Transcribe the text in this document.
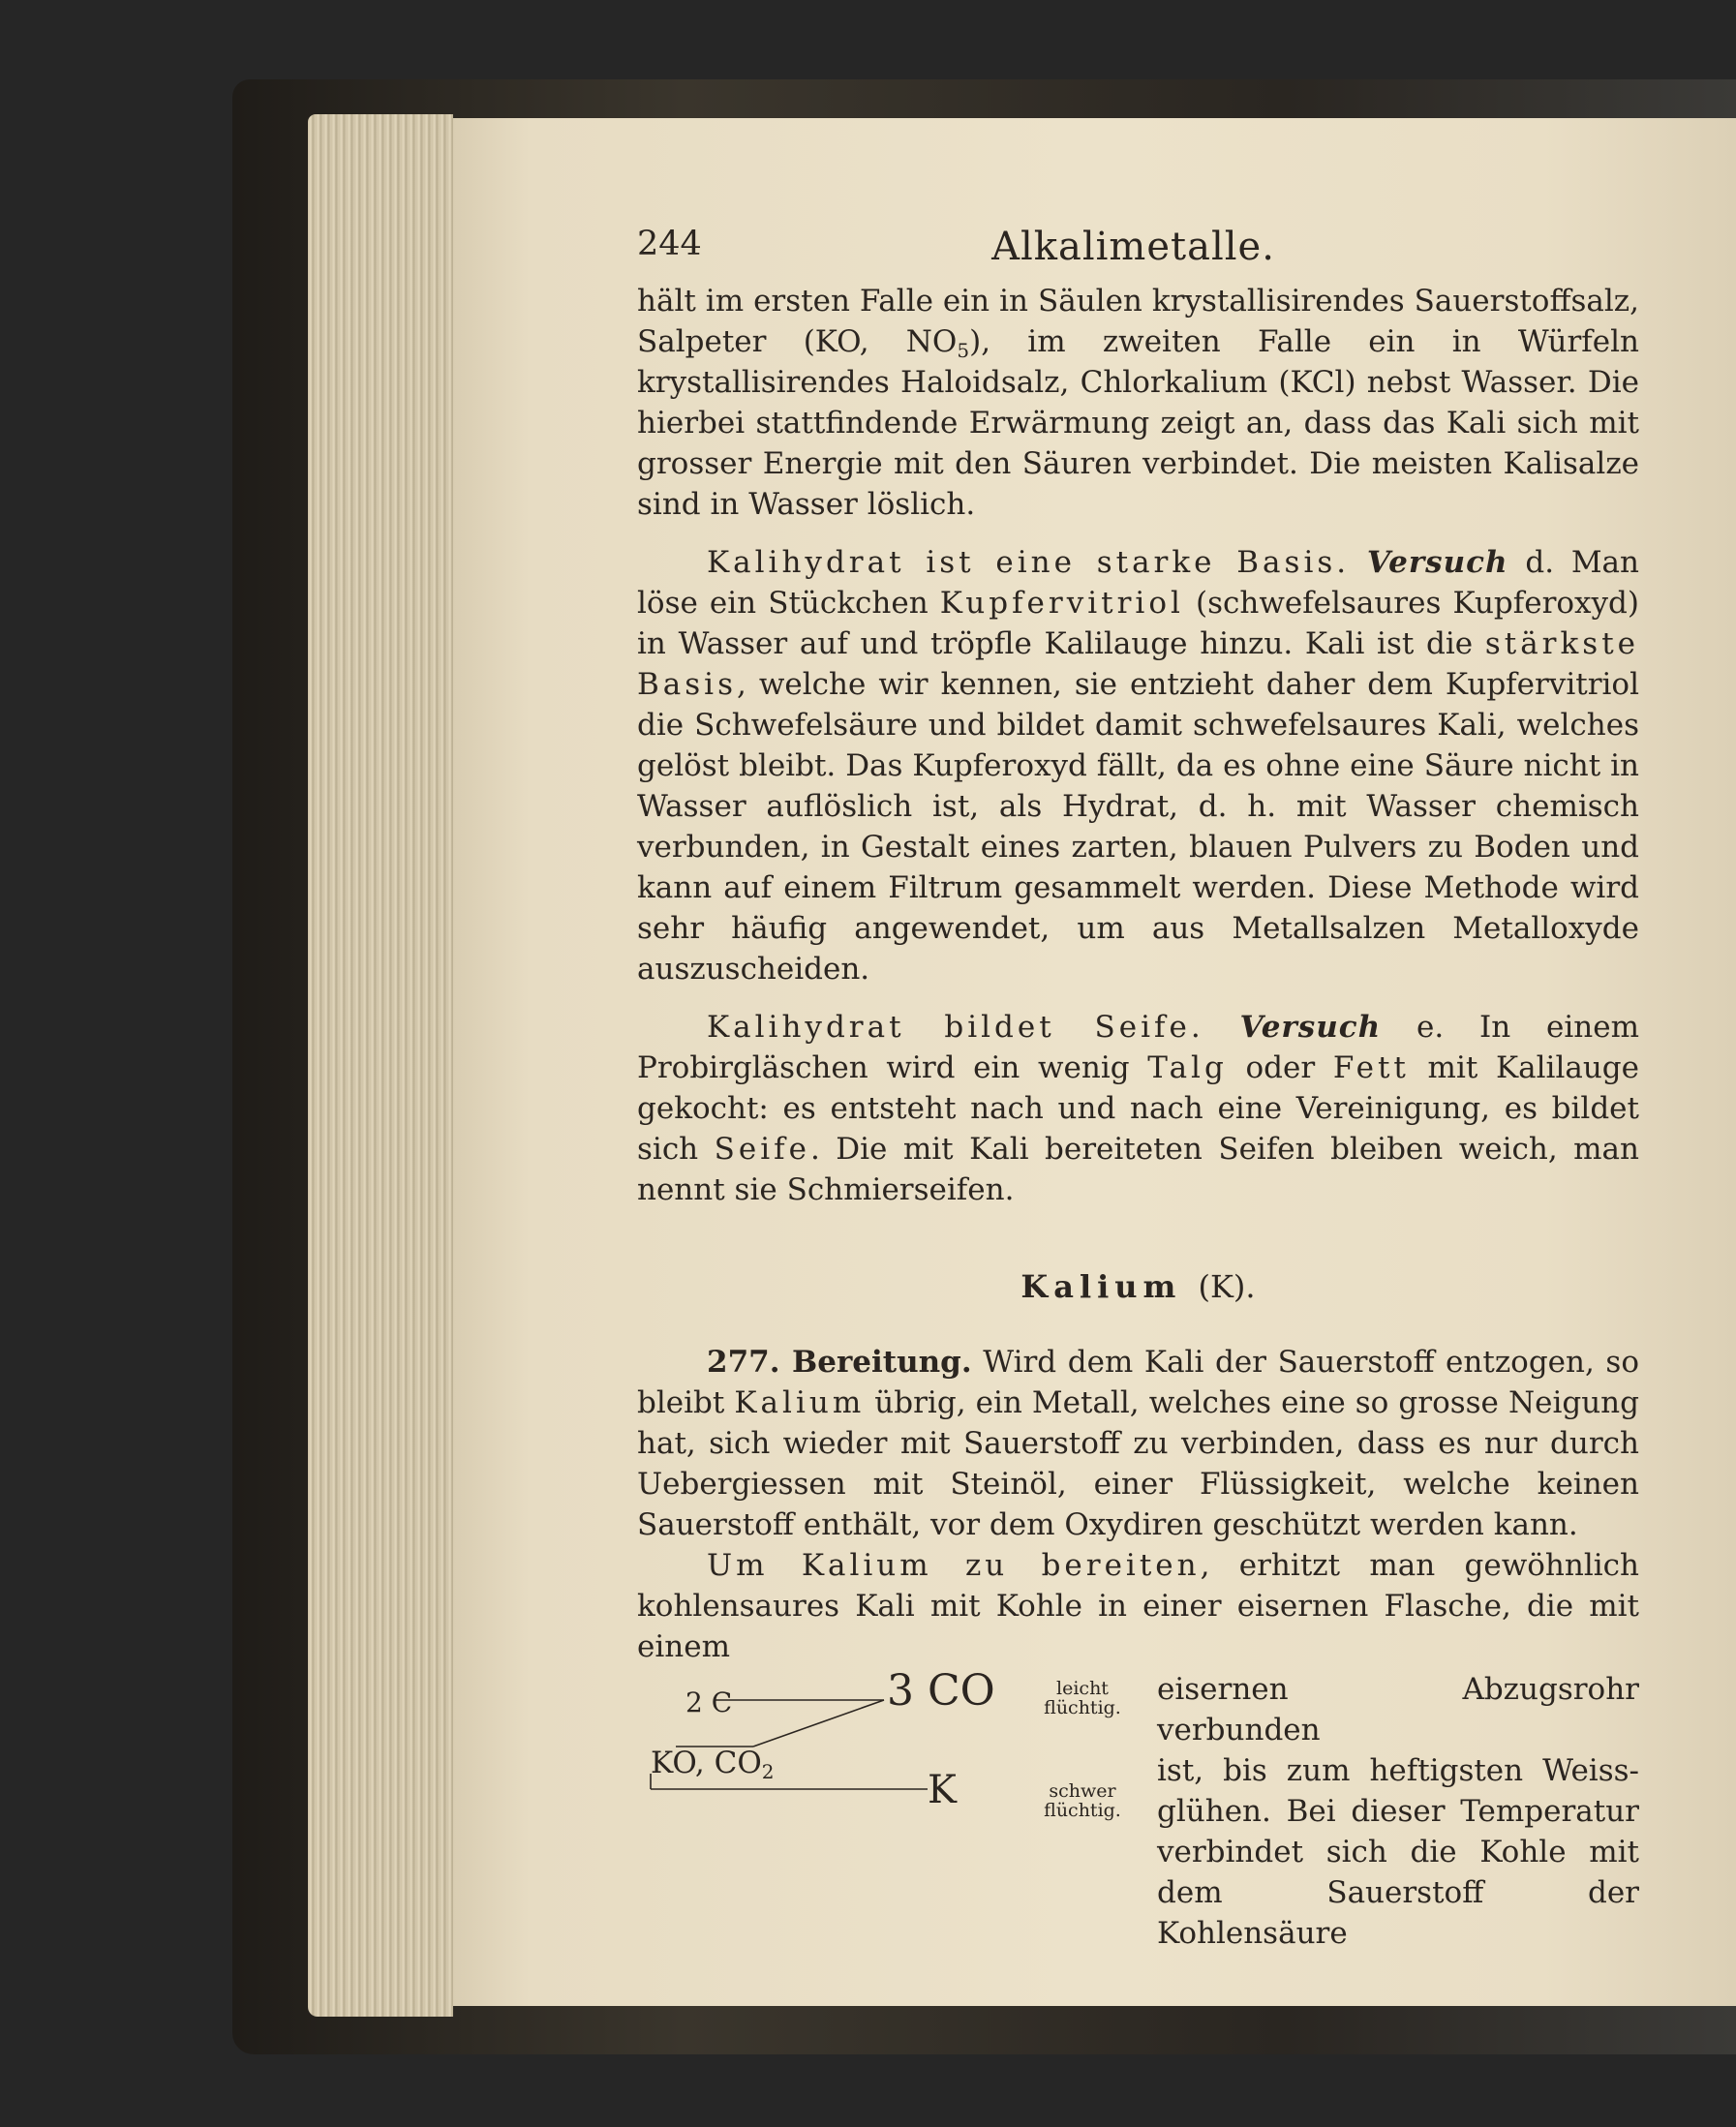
244	Alkalimetalle.

hält im ersten Falle ein in Säulen krystallisirendes Sauerstoffsalz, Salpeter (KO, $NO_5$), im zweiten Falle ein in Würfeln krystallisirendes Haloidsalz, Chlorkalium (KCl) nebst Wasser. Die hierbei stattfindende Erwärmung zeigt an, dass das Kali sich mit grosser Energie mit den Säuren verbindet. Die meisten Kalisalze sind in Wasser löslich.

Kalihydrat ist eine starke Basis. Versuch d. Man löse ein Stückchen Kupfervitriol (schwefelsaures Kupferoxyd) in Wasser auf und tröpfle Kalilauge hinzu. Kali ist die stärkste Basis, welche wir kennen, sie entzieht daher dem Kupfervitriol die Schwefelsäure und bildet damit schwefelsaures Kali, welches gelöst bleibt. Das Kupferoxyd fällt, da es ohne eine Säure nicht in Wasser auflöslich ist, als Hydrat, d. h. mit Wasser chemisch verbunden, in Gestalt eines zarten, blauen Pulvers zu Boden und kann auf einem Filtrum gesammelt werden. Diese Methode wird sehr häufig angewendet, um aus Metallsalzen Metalloxyde auszuscheiden.

Kalihydrat bildet Seife. Versuch e. In einem Probirgläschen wird ein wenig Talg oder Fett mit Kalilauge gekocht: es entsteht nach und nach eine Vereinigung, es bildet sich Seife. Die mit Kali bereiteten Seifen bleiben weich, man nennt sie Schmierseifen.

Kalium (K).

277. Bereitung. Wird dem Kali der Sauerstoff entzogen, so bleibt Kalium übrig, ein Metall, welches eine so grosse Neigung hat, sich wieder mit Sauerstoff zu verbinden, dass es nur durch Uebergiessen mit Steinöl, einer Flüssigkeit, welche keinen Sauerstoff enthält, vor dem Oxydiren geschützt werden kann.

Um Kalium zu bereiten, erhitzt man gewöhnlich kohlensaures Kali mit Kohle in einer eisernen Flasche, die mit einem

2 C	3 CO	leicht
flüchtig.
KO, $CO_2$	K	schwer
flüchtig.
eisernen Abzugsrohr verbunden
ist, bis zum heftigsten Weiss-
glühen. Bei dieser Temperatur
verbindet sich die Kohle mit
dem Sauerstoff der Kohlensäure
